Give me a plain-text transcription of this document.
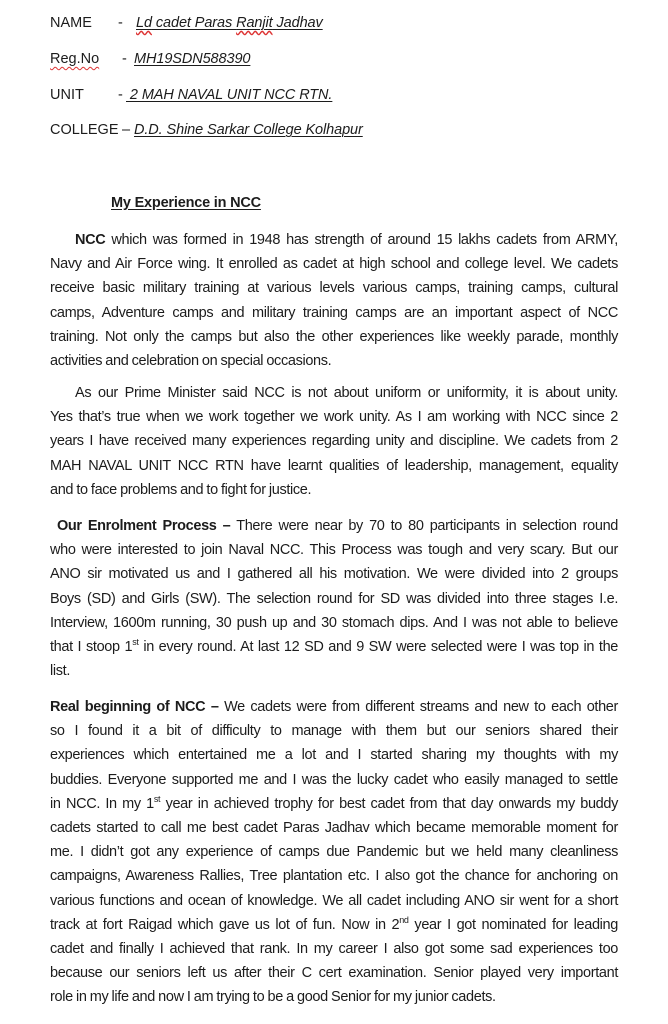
NAME - Ld cadet Paras Ranjit Jadhav
Reg.No - MH19SDN588390
UNIT - 2 MAH NAVAL UNIT NCC RTN.
COLLEGE – D.D. Shine Sarkar College Kolhapur
My Experience in NCC
NCC which was formed in 1948 has strength of around 15 lakhs cadets from ARMY,
Navy and Air Force wing. It enrolled as cadet at high school and college level. We cadets
receive basic military training at various levels various camps, training camps, cultural
camps, Adventure camps and military training camps are an important aspect of NCC
training. Not only the camps but also the other experiences like weekly parade, monthly
activities and celebration on special occasions.
As our Prime Minister said NCC is not about uniform or uniformity, it is about unity.
Yes that’s true when we work together we work unity. As I am working with NCC since 2
years I have received many experiences regarding unity and discipline. We cadets from 2
MAH NAVAL UNIT NCC RTN have learnt qualities of leadership, management, equality
and to face problems and to fight for justice.
Our Enrolment Process – There were near by 70 to 80 participants in selection round
who were interested to join Naval NCC. This Process was tough and very scary. But our
ANO sir motivated us and I gathered all his motivation. We were divided into 2 groups
Boys (SD) and Girls (SW). The selection round for SD was divided into three stages I.e.
Interview, 1600m running, 30 push up and 30 stomach dips. And I was not able to believe
that I stoop 1st in every round. At last 12 SD and 9 SW were selected were I was top in the
list.
Real beginning of NCC – We cadets were from different streams and new to each other
so I found it a bit of difficulty to manage with them but our seniors shared their
experiences which entertained me a lot and I started sharing my thoughts with my
buddies. Everyone supported me and I was the lucky cadet who easily managed to settle
in NCC. In my 1st year in achieved trophy for best cadet from that day onwards my buddy
cadets started to call me best cadet Paras Jadhav which became memorable moment for
me. I didn’t got any experience of camps due Pandemic but we held many cleanliness
campaigns, Awareness Rallies, Tree plantation etc. I also got the chance for anchoring on
various functions and ocean of knowledge. We all cadet including ANO sir went for a short
track at fort Raigad which gave us lot of fun. Now in 2nd year I got nominated for leading
cadet and finally I achieved that rank. In my career I also got some sad experiences too
because our seniors left us after their C cert examination. Senior played very important
role in my life and now I am trying to be a good Senior for my junior cadets.
